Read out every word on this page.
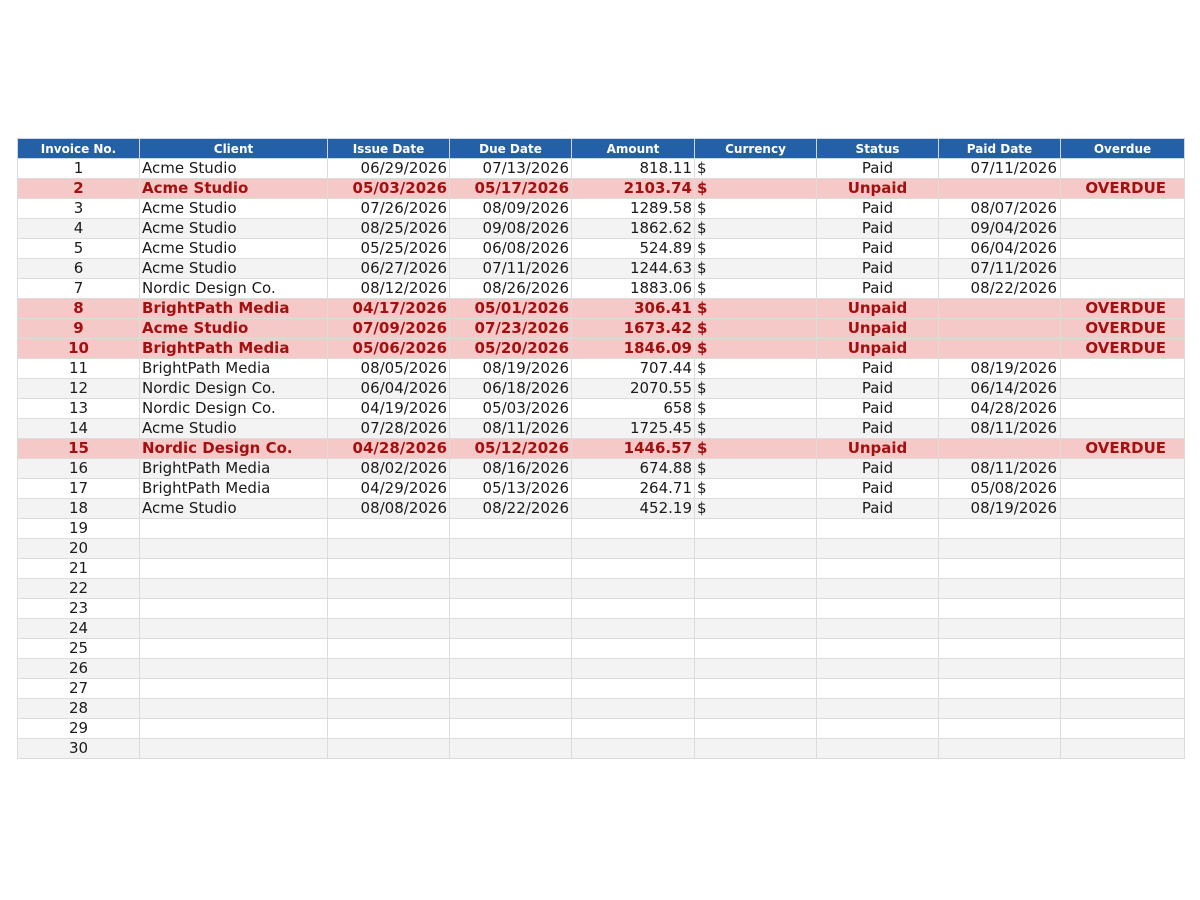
Invoice No.	Client	Issue Date	Due Date	Amount	Currency	Status	Paid Date	Overdue
1	Acme Studio	06/29/2026	07/13/2026	818.11	$	Paid	07/11/2026	
2	Acme Studio	05/03/2026	05/17/2026	2103.74	$	Unpaid		OVERDUE
3	Acme Studio	07/26/2026	08/09/2026	1289.58	$	Paid	08/07/2026	
4	Acme Studio	08/25/2026	09/08/2026	1862.62	$	Paid	09/04/2026	
5	Acme Studio	05/25/2026	06/08/2026	524.89	$	Paid	06/04/2026	
6	Acme Studio	06/27/2026	07/11/2026	1244.63	$	Paid	07/11/2026	
7	Nordic Design Co.	08/12/2026	08/26/2026	1883.06	$	Paid	08/22/2026	
8	BrightPath Media	04/17/2026	05/01/2026	306.41	$	Unpaid		OVERDUE
9	Acme Studio	07/09/2026	07/23/2026	1673.42	$	Unpaid		OVERDUE
10	BrightPath Media	05/06/2026	05/20/2026	1846.09	$	Unpaid		OVERDUE
11	BrightPath Media	08/05/2026	08/19/2026	707.44	$	Paid	08/19/2026	
12	Nordic Design Co.	06/04/2026	06/18/2026	2070.55	$	Paid	06/14/2026	
13	Nordic Design Co.	04/19/2026	05/03/2026	658	$	Paid	04/28/2026	
14	Acme Studio	07/28/2026	08/11/2026	1725.45	$	Paid	08/11/2026	
15	Nordic Design Co.	04/28/2026	05/12/2026	1446.57	$	Unpaid		OVERDUE
16	BrightPath Media	08/02/2026	08/16/2026	674.88	$	Paid	08/11/2026	
17	BrightPath Media	04/29/2026	05/13/2026	264.71	$	Paid	05/08/2026	
18	Acme Studio	08/08/2026	08/22/2026	452.19	$	Paid	08/19/2026	
19								
20								
21								
22								
23								
24								
25								
26								
27								
28								
29								
30								
